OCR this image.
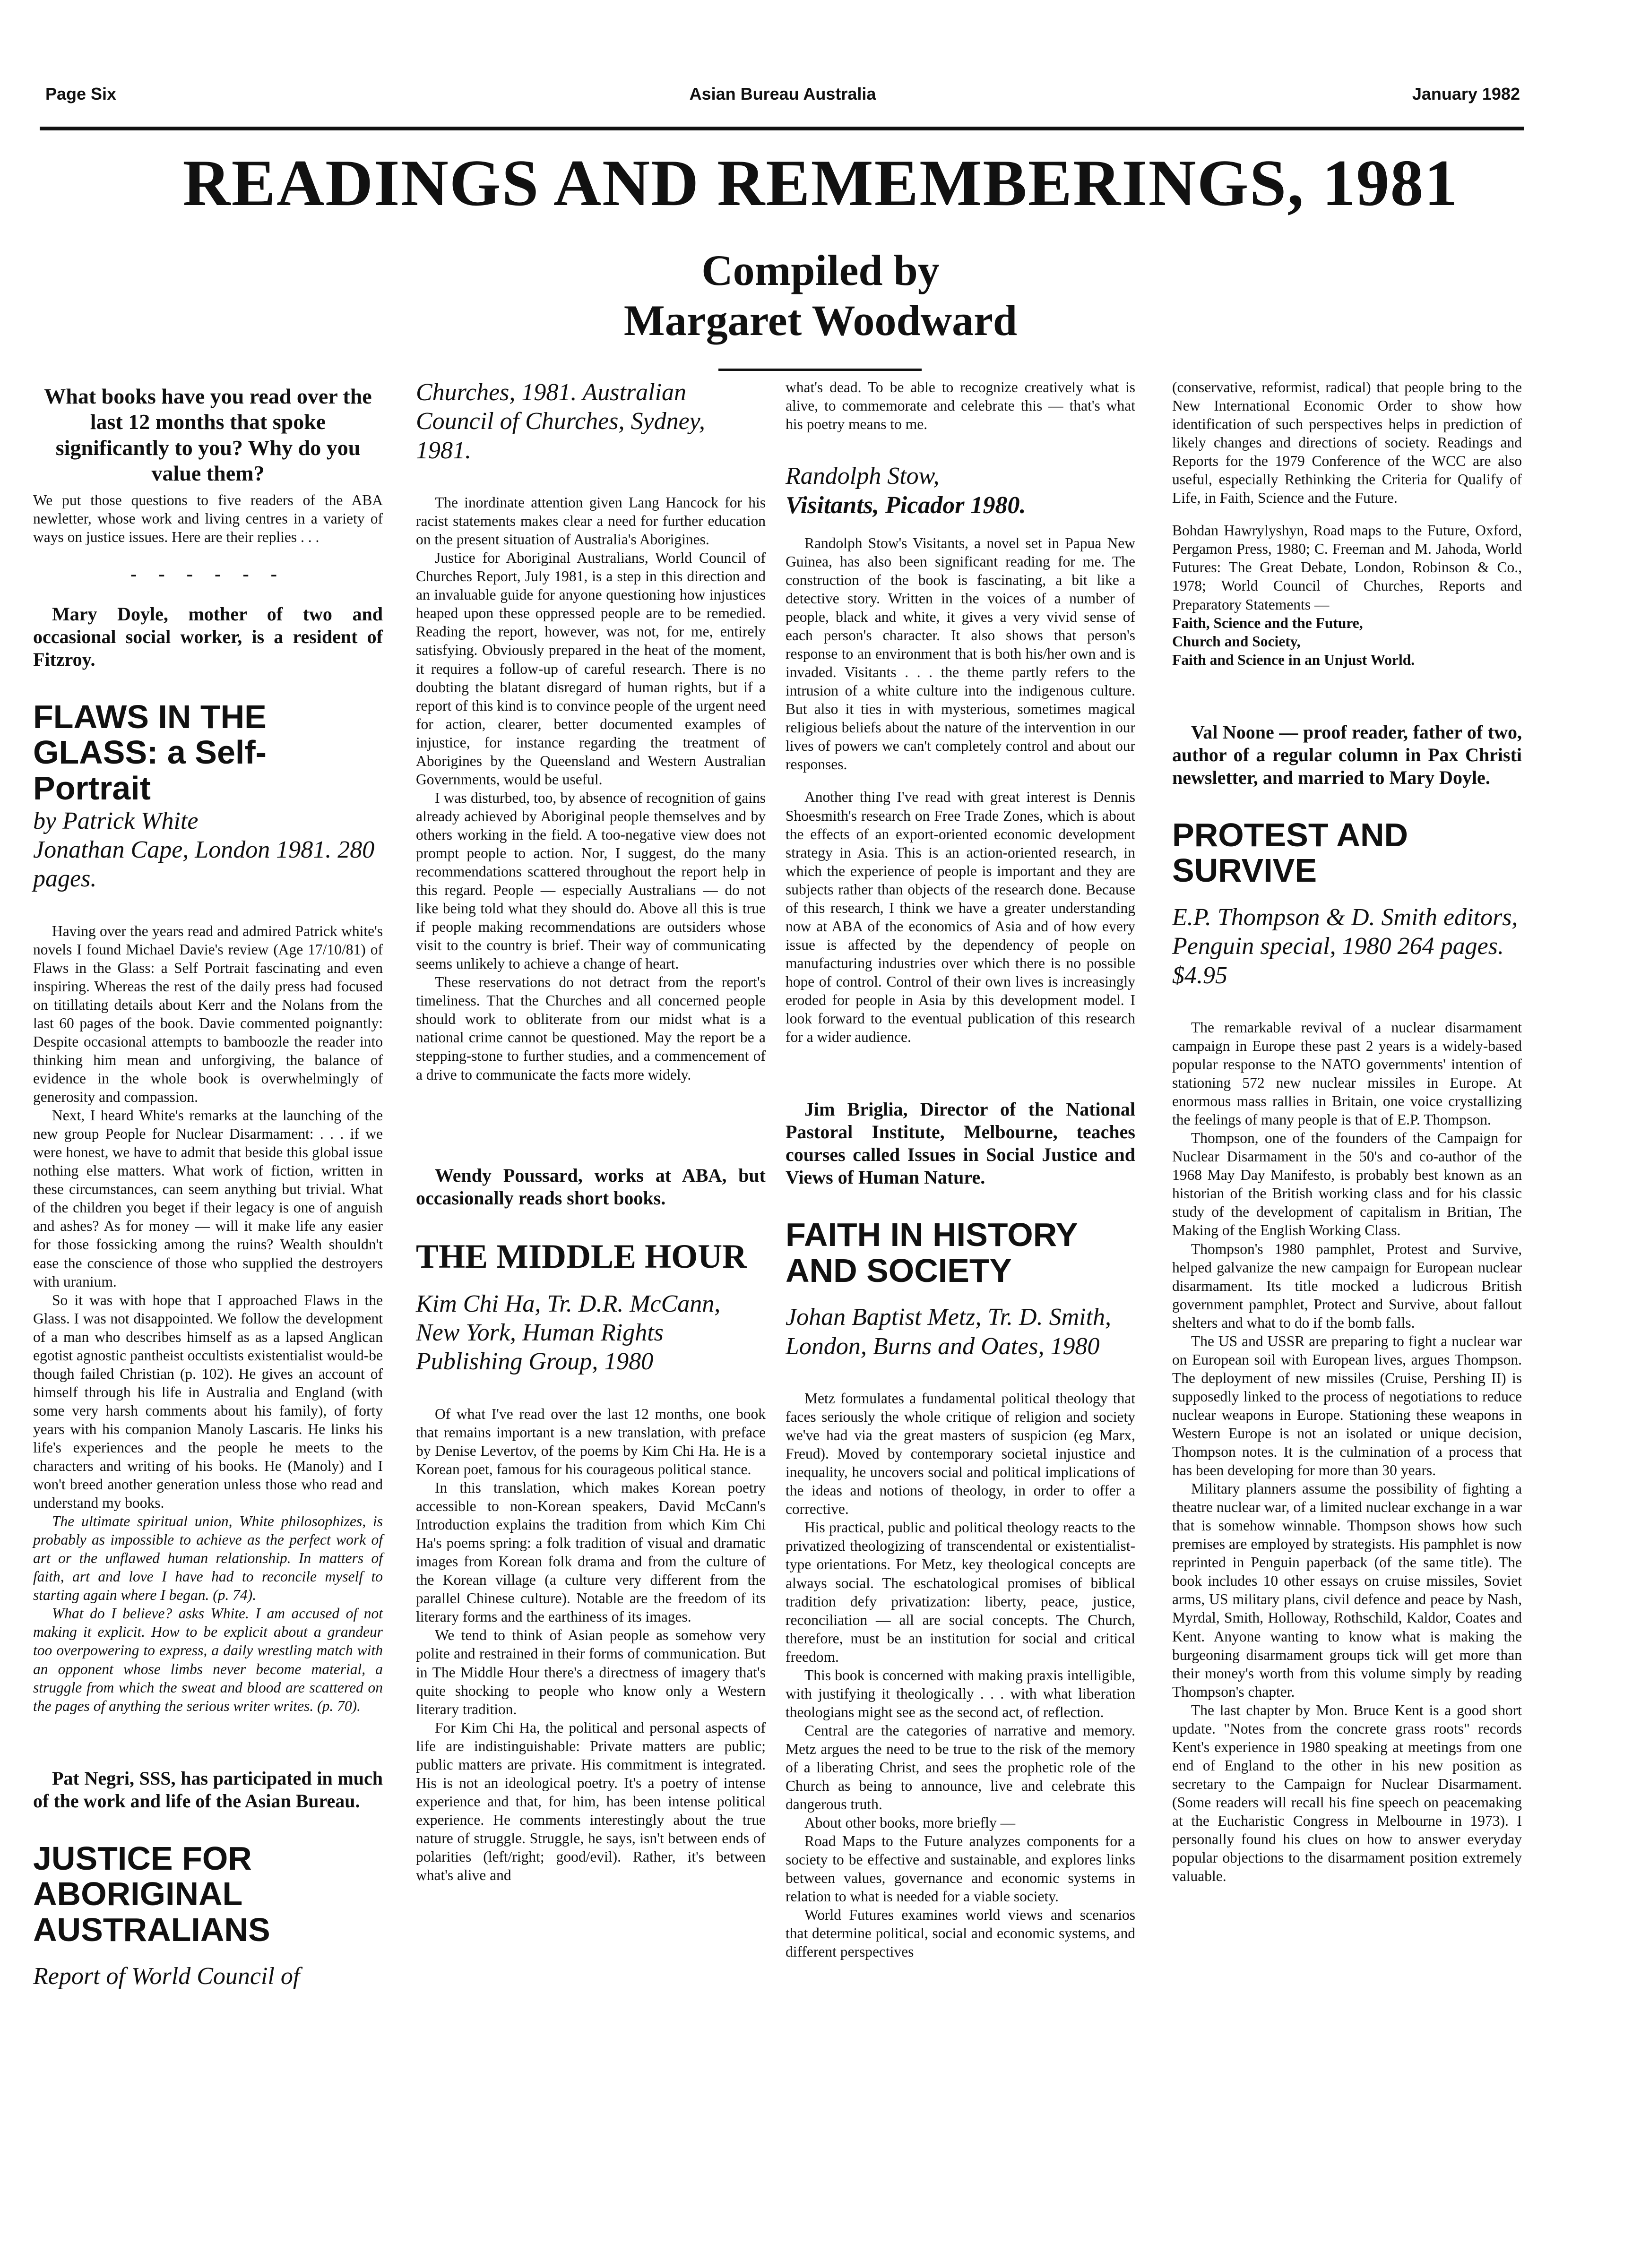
Page Six	Asian Bureau Australia	January 1982
READINGS AND REMEMBERINGS, 1981
Compiled by
Margaret Woodward
What books have you read over the last 12 months that spoke significantly to you? Why do you value them?

We put those questions to five readers of the ABA newletter, whose work and living centres in a variety of ways on justice issues. Here are their replies . . .

- - - - - -

Mary Doyle, mother of two and occasional social worker, is a resident of Fitzroy.

FLAWS IN THE GLASS: a Self-Portrait
by Patrick White
Jonathan Cape, London 1981. 280 pages.

Having over the years read and admired Patrick white's novels I found Michael Davie's review (Age 17/10/81) of Flaws in the Glass: a Self Portrait fascinating and even inspiring. Whereas the rest of the daily press had focused on titillating details about Kerr and the Nolans from the last 60 pages of the book. Davie commented poignantly: Despite occasional attempts to bamboozle the reader into thinking him mean and unforgiving, the balance of evidence in the whole book is overwhelmingly of generosity and compassion.

Next, I heard White's remarks at the launching of the new group People for Nuclear Disarmament: . . . if we were honest, we have to admit that beside this global issue nothing else matters. What work of fiction, written in these circumstances, can seem anything but trivial. What of the children you beget if their legacy is one of anguish and ashes? As for money — will it make life any easier for those fossicking among the ruins? Wealth shouldn't ease the conscience of those who supplied the destroyers with uranium.

So it was with hope that I approached Flaws in the Glass. I was not disappointed. We follow the development of a man who describes himself as as a lapsed Anglican egotist agnostic pantheist occultists existentialist would-be though failed Christian (p. 102). He gives an account of himself through his life in Australia and England (with some very harsh comments about his family), of forty years with his companion Manoly Lascaris. He links his life's experiences and the people he meets to the characters and writing of his books. He (Manoly) and I won't breed another generation unless those who read and understand my books.

The ultimate spiritual union, White philosophizes, is probably as impossible to achieve as the perfect work of art or the unflawed human relationship. In matters of faith, art and love I have had to reconcile myself to starting again where I began. (p. 74).

What do I believe? asks White. I am accused of not making it explicit. How to be explicit about a grandeur too overpowering to express, a daily wrestling match with an opponent whose limbs never become material, a struggle from which the sweat and blood are scattered on the pages of anything the serious writer writes. (p. 70).

Pat Negri, SSS, has participated in much of the work and life of the Asian Bureau.

JUSTICE FOR ABORIGINAL AUSTRALIANS
Report of World Council of
Churches, 1981. Australian Council of Churches, Sydney, 1981.

The inordinate attention given Lang Hancock for his racist statements makes clear a need for further education on the present situation of Australia's Aborigines.

Justice for Aboriginal Australians, World Council of Churches Report, July 1981, is a step in this direction and an invaluable guide for anyone questioning how injustices heaped upon these oppressed people are to be remedied. Reading the report, however, was not, for me, entirely satisfying. Obviously prepared in the heat of the moment, it requires a follow-up of careful research. There is no doubting the blatant disregard of human rights, but if a report of this kind is to convince people of the urgent need for action, clearer, better documented examples of injustice, for instance regarding the treatment of Aborigines by the Queensland and Western Australian Governments, would be useful.

I was disturbed, too, by absence of recognition of gains already achieved by Aboriginal people themselves and by others working in the field. A too-negative view does not prompt people to action. Nor, I suggest, do the many recommendations scattered throughout the report help in this regard. People — especially Australians — do not like being told what they should do. Above all this is true if people making recommendations are outsiders whose visit to the country is brief. Their way of communicating seems unlikely to achieve a change of heart.

These reservations do not detract from the report's timeliness. That the Churches and all concerned people should work to obliterate from our midst what is a national crime cannot be questioned. May the report be a stepping-stone to further studies, and a commencement of a drive to communicate the facts more widely.

Wendy Poussard, works at ABA, but occasionally reads short books.

THE MIDDLE HOUR
Kim Chi Ha, Tr. D.R. McCann, New York, Human Rights Publishing Group, 1980

Of what I've read over the last 12 months, one book that remains important is a new translation, with preface by Denise Levertov, of the poems by Kim Chi Ha. He is a Korean poet, famous for his courageous political stance.

In this translation, which makes Korean poetry accessible to non-Korean speakers, David McCann's Introduction explains the tradition from which Kim Chi Ha's poems spring: a folk tradition of visual and dramatic images from Korean folk drama and from the culture of the Korean village (a culture very different from the parallel Chinese culture). Notable are the freedom of its literary forms and the earthiness of its images.

We tend to think of Asian people as somehow very polite and restrained in their forms of communication. But in The Middle Hour there's a directness of imagery that's quite shocking to people who know only a Western literary tradition.

For Kim Chi Ha, the political and personal aspects of life are indistinguishable: Private matters are public; public matters are private. His commitment is integrated. His is not an ideological poetry. It's a poetry of intense experience and that, for him, has been intense political experience. He comments interestingly about the true nature of struggle. Struggle, he says, isn't between ends of polarities (left/right; good/evil). Rather, it's between what's alive and

what's dead. To be able to recognize creatively what is alive, to commemorate and celebrate this — that's what his poetry means to me.

Randolph Stow,
Visitants, Picador 1980.

Randolph Stow's Visitants, a novel set in Papua New Guinea, has also been significant reading for me. The construction of the book is fascinating, a bit like a detective story. Written in the voices of a number of people, black and white, it gives a very vivid sense of each person's character. It also shows that person's response to an environment that is both his/her own and is invaded. Visitants . . . the theme partly refers to the intrusion of a white culture into the indigenous culture. But also it ties in with mysterious, sometimes magical religious beliefs about the nature of the intervention in our lives of powers we can't completely control and about our responses.

Another thing I've read with great interest is Dennis Shoesmith's research on Free Trade Zones, which is about the effects of an export-oriented economic development strategy in Asia. This is an action-oriented research, in which the experience of people is important and they are subjects rather than objects of the research done. Because of this research, I think we have a greater understanding now at ABA of the economics of Asia and of how every issue is affected by the dependency of people on manufacturing industries over which there is no possible hope of control. Control of their own lives is increasingly eroded for people in Asia by this development model. I look forward to the eventual publication of this research for a wider audience.

Jim Briglia, Director of the National Pastoral Institute, Melbourne, teaches courses called Issues in Social Justice and Views of Human Nature.

FAITH IN HISTORY AND SOCIETY
Johan Baptist Metz, Tr. D. Smith, London, Burns and Oates, 1980

Metz formulates a fundamental political theology that faces seriously the whole critique of religion and society we've had via the great masters of suspicion (eg Marx, Freud). Moved by contemporary societal injustice and inequality, he uncovers social and political implications of the ideas and notions of theology, in order to offer a corrective.

His practical, public and political theology reacts to the privatized theologizing of transcendental or existentialist-type orientations. For Metz, key theological concepts are always social. The eschatological promises of biblical tradition defy privatization: liberty, peace, justice, reconciliation — all are social concepts. The Church, therefore, must be an institution for social and critical freedom.

This book is concerned with making praxis intelligible, with justifying it theologically . . . with what liberation theologians might see as the second act, of reflection.

Central are the categories of narrative and memory. Metz argues the need to be true to the risk of the memory of a liberating Christ, and sees the prophetic role of the Church as being to announce, live and celebrate this dangerous truth.

About other books, more briefly —

Road Maps to the Future analyzes components for a society to be effective and sustainable, and explores links between values, governance and economic systems in relation to what is needed for a viable society.

World Futures examines world views and scenarios that determine political, social and economic systems, and different perspectives

(conservative, reformist, radical) that people bring to the New International Economic Order to show how identification of such perspectives helps in prediction of likely changes and directions of society. Readings and Reports for the 1979 Conference of the WCC are also useful, especially Rethinking the Criteria for Qualify of Life, in Faith, Science and the Future.

Bohdan Hawrylyshyn, Road maps to the Future, Oxford, Pergamon Press, 1980; C. Freeman and M. Jahoda, World Futures: The Great Debate, London, Robinson & Co., 1978; World Council of Churches, Reports and Preparatory Statements —

Faith, Science and the Future,

Church and Society,

Faith and Science in an Unjust World.

Val Noone — proof reader, father of two, author of a regular column in Pax Christi newsletter, and married to Mary Doyle.

PROTEST AND SURVIVE
E.P. Thompson & D. Smith editors, Penguin special, 1980 264 pages. $4.95

The remarkable revival of a nuclear disarmament campaign in Europe these past 2 years is a widely-based popular response to the NATO governments' intention of stationing 572 new nuclear missiles in Europe. At enormous mass rallies in Britain, one voice crystallizing the feelings of many people is that of E.P. Thompson.

Thompson, one of the founders of the Campaign for Nuclear Disarmament in the 50's and co-author of the 1968 May Day Manifesto, is probably best known as an historian of the British working class and for his classic study of the development of capitalism in Britian, The Making of the English Working Class.

Thompson's 1980 pamphlet, Protest and Survive, helped galvanize the new campaign for European nuclear disarmament. Its title mocked a ludicrous British government pamphlet, Protect and Survive, about fallout shelters and what to do if the bomb falls.

The US and USSR are preparing to fight a nuclear war on European soil with European lives, argues Thompson. The deployment of new missiles (Cruise, Pershing II) is supposedly linked to the process of negotiations to reduce nuclear weapons in Europe. Stationing these weapons in Western Europe is not an isolated or unique decision, Thompson notes. It is the culmination of a process that has been developing for more than 30 years.

Military planners assume the possibility of fighting a theatre nuclear war, of a limited nuclear exchange in a war that is somehow winnable. Thompson shows how such premises are employed by strategists. His pamphlet is now reprinted in Penguin paperback (of the same title). The book includes 10 other essays on cruise missiles, Soviet arms, US military plans, civil defence and peace by Nash, Myrdal, Smith, Holloway, Rothschild, Kaldor, Coates and Kent. Anyone wanting to know what is making the burgeoning disarmament groups tick will get more than their money's worth from this volume simply by reading Thompson's chapter.

The last chapter by Mon. Bruce Kent is a good short update. "Notes from the concrete grass roots" records Kent's experience in 1980 speaking at meetings from one end of England to the other in his new position as secretary to the Campaign for Nuclear Disarmament. (Some readers will recall his fine speech on peacemaking at the Eucharistic Congress in Melbourne in 1973). I personally found his clues on how to answer everyday popular objections to the disarmament position extremely valuable.
